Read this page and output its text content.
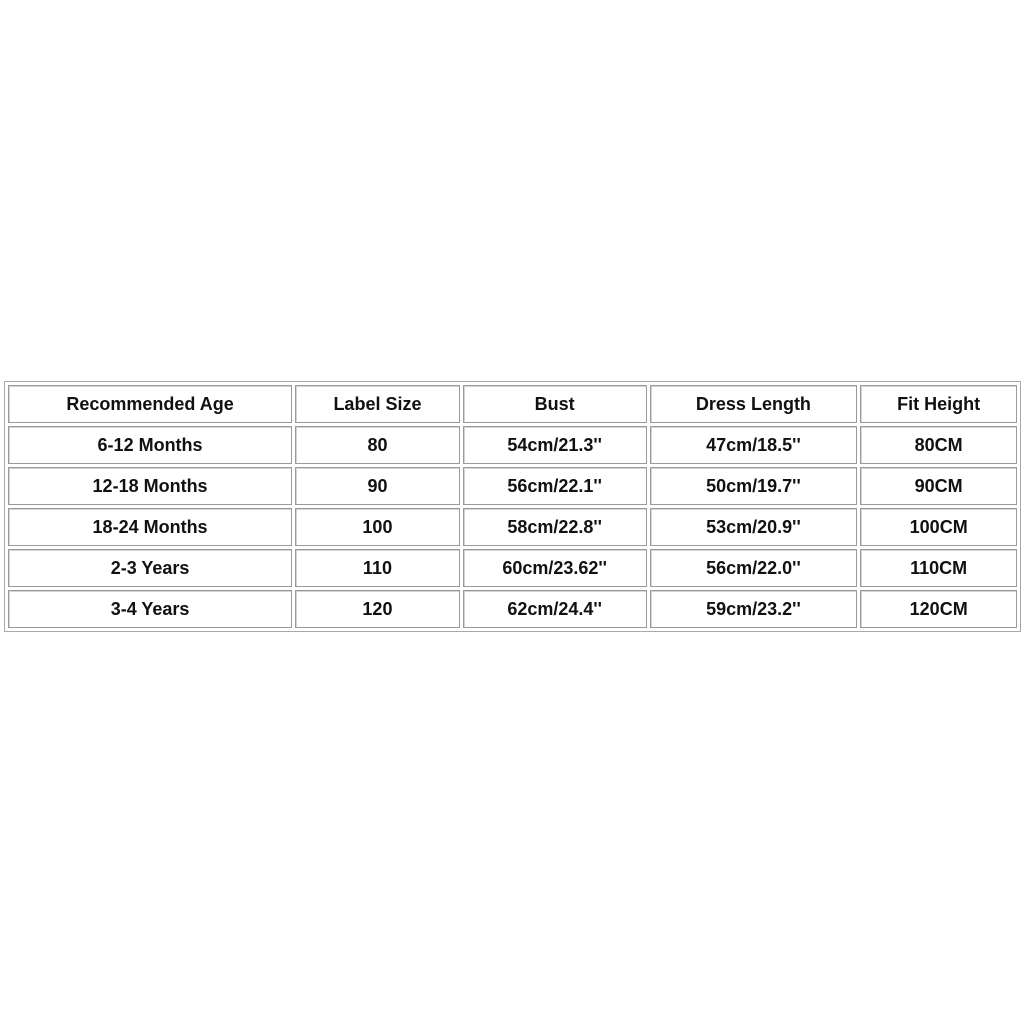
Recommended Age	Label Size	Bust	Dress Length	Fit Height
6-12 Months	80	54cm/21.3''	47cm/18.5''	80CM
12-18 Months	90	56cm/22.1''	50cm/19.7''	90CM
18-24 Months	100	58cm/22.8''	53cm/20.9''	100CM
2-3 Years	110	60cm/23.62''	56cm/22.0''	110CM
3-4 Years	120	62cm/24.4''	59cm/23.2''	120CM
